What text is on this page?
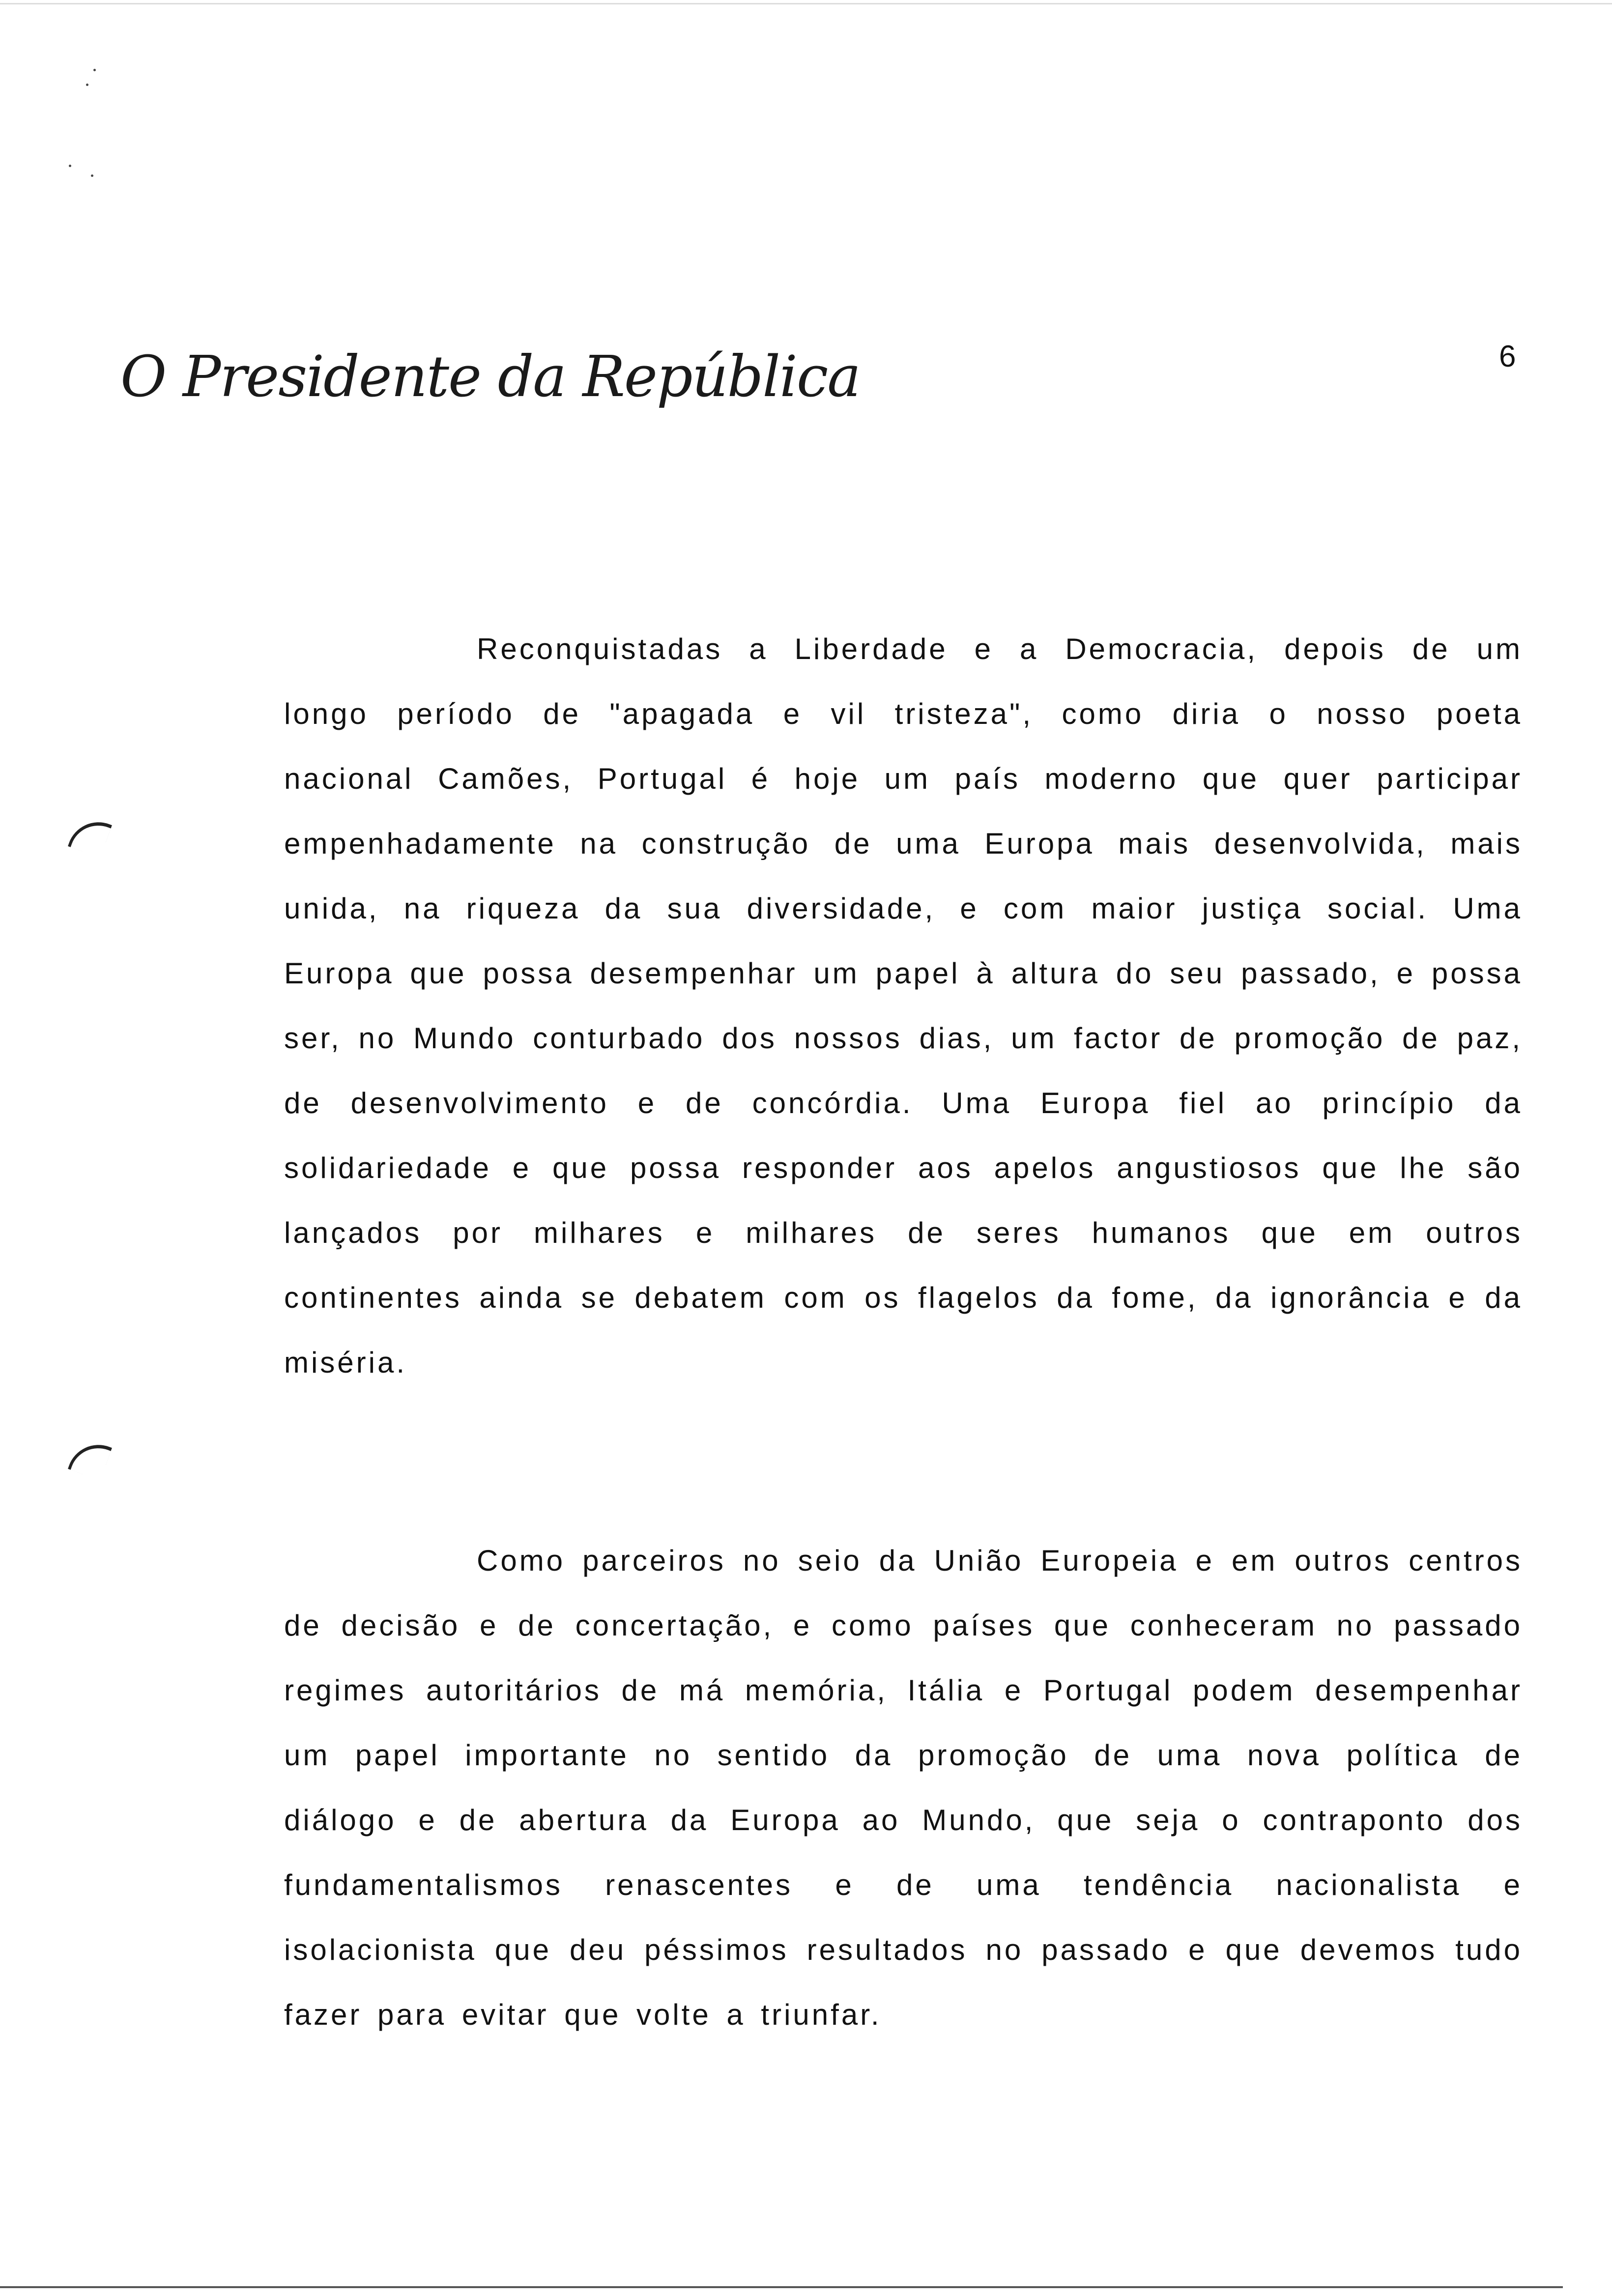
O Presidente da República	6

Reconquistadas a Liberdade e a Democracia, depois de um longo período de "apagada e vil tristeza", como diria o nosso poeta nacional Camões, Portugal é hoje um país moderno que quer participar empenhadamente na construção de uma Europa mais desenvolvida, mais unida, na riqueza da sua diversidade, e com maior justiça social. Uma Europa que possa desempenhar um papel à altura do seu passado, e possa ser, no Mundo conturbado dos nossos dias, um factor de promoção de paz, de desenvolvimento e de concórdia. Uma Europa fiel ao princípio da solidariedade e que possa responder aos apelos angustiosos que lhe são lançados por milhares e milhares de seres humanos que em outros continentes ainda se debatem com os flagelos da fome, da ignorância e da miséria.

Como parceiros no seio da União Europeia e em outros centros de decisão e de concertação, e como países que conheceram no passado regimes autoritários de má memória, Itália e Portugal podem desempenhar um papel importante no sentido da promoção de uma nova política de diálogo e de abertura da Europa ao Mundo, que seja o contraponto dos fundamentalismos renascentes e de uma tendência nacionalista e isolacionista que deu péssimos resultados no passado e que devemos tudo fazer para evitar que volte a triunfar.
